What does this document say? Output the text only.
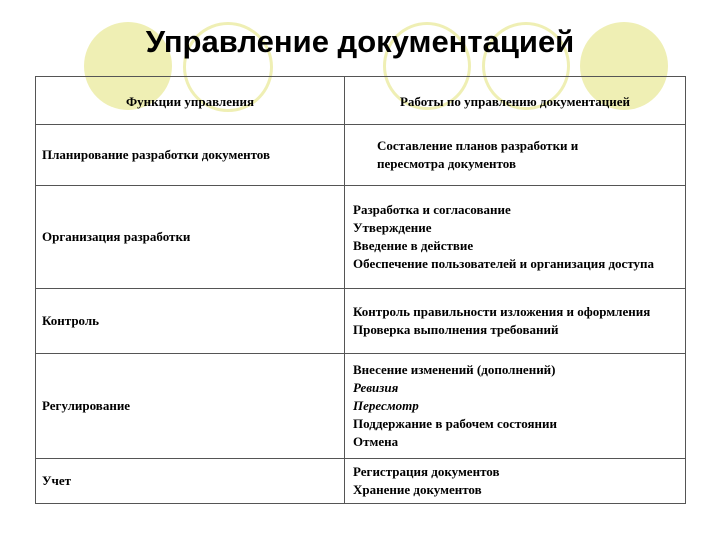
Управление документацией
Функции управления	Работы по управлению документацией
Планирование разработки документов	Составление планов разработки и пересмотра документов

Организация разработки	Разработка и согласование
Утверждение
Введение в действие
Обеспечение пользователей и организация доступа

Контроль	Контроль правильности изложения и оформления
Проверка выполнения требований

Регулирование	Внесение изменений (дополнений)
Ревизия
Пересмотр
Поддержание в рабочем состоянии
Отмена

Учет	Регистрация документов
Хранение документов
